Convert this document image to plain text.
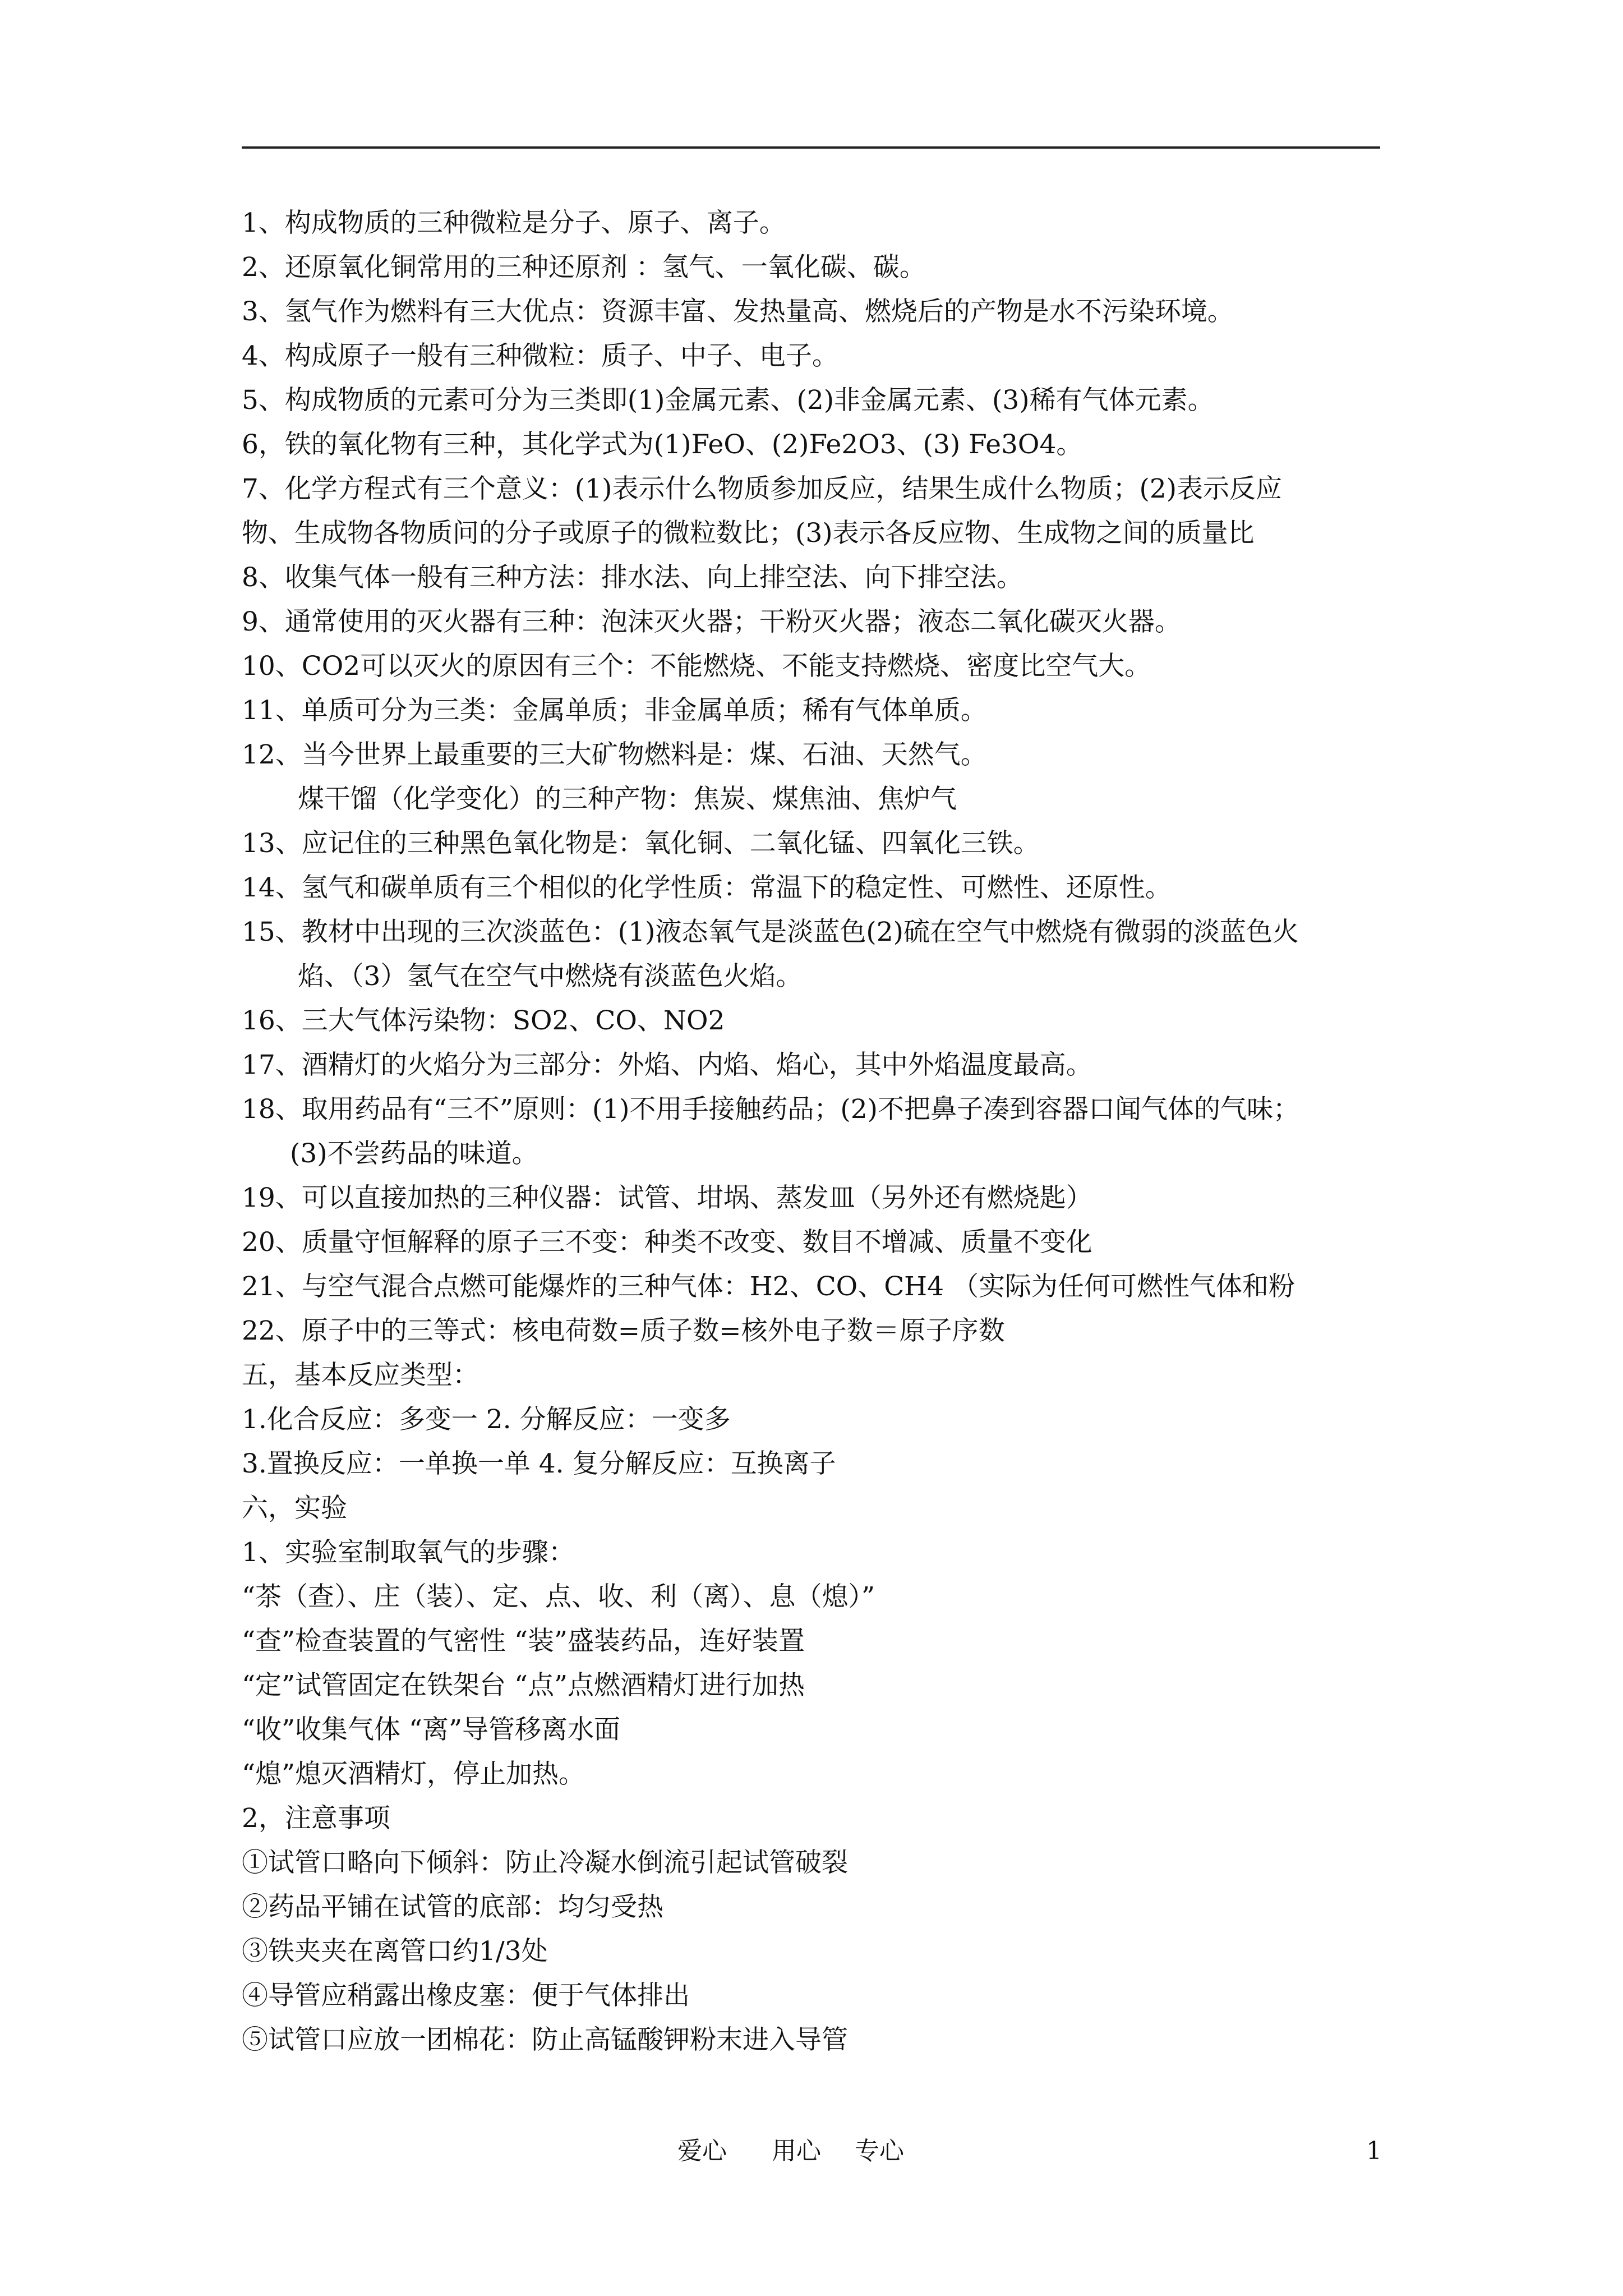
1、构成物质的三种微粒是分子、原子、离子。
2、还原氧化铜常用的三种还原剂 ：氢气、一氧化碳、碳。
3、氢气作为燃料有三大优点：资源丰富、发热量高、燃烧后的产物是水不污染环境。
4、构成原子一般有三种微粒：质子、中子、电子。
5、构成物质的元素可分为三类即(1)金属元素、(2)非金属元素、(3)稀有气体元素。
6，铁的氧化物有三种，其化学式为(1)FeO、(2)Fe2O3、(3) Fe3O4。
7、化学方程式有三个意义：(1)表示什么物质参加反应，结果生成什么物质；(2)表示反应
物、生成物各物质问的分子或原子的微粒数比；(3)表示各反应物、生成物之间的质量比
8、收集气体一般有三种方法：排水法、向上排空法、向下排空法。
9、通常使用的灭火器有三种：泡沫灭火器；干粉灭火器；液态二氧化碳灭火器。
10、CO2可以灭火的原因有三个：不能燃烧、不能支持燃烧、密度比空气大。
11、单质可分为三类：金属单质；非金属单质；稀有气体单质。
12、当今世界上最重要的三大矿物燃料是：煤、石油、天然气。
煤干馏（化学变化）的三种产物：焦炭、煤焦油、焦炉气
13、应记住的三种黑色氧化物是：氧化铜、二氧化锰、四氧化三铁。
14、氢气和碳单质有三个相似的化学性质：常温下的稳定性、可燃性、还原性。
15、教材中出现的三次淡蓝色：(1)液态氧气是淡蓝色(2)硫在空气中燃烧有微弱的淡蓝色火
焰、（3）氢气在空气中燃烧有淡蓝色火焰。
16、三大气体污染物：SO2、CO、NO2
17、酒精灯的火焰分为三部分：外焰、内焰、焰心，其中外焰温度最高。
18、取用药品有“三不”原则：(1)不用手接触药品；(2)不把鼻子凑到容器口闻气体的气味；
(3)不尝药品的味道。
19、可以直接加热的三种仪器：试管、坩埚、蒸发皿（另外还有燃烧匙）
20、质量守恒解释的原子三不变：种类不改变、数目不增减、质量不变化
21、与空气混合点燃可能爆炸的三种气体：H2、CO、CH4 （实际为任何可燃性气体和粉
22、原子中的三等式：核电荷数=质子数=核外电子数＝原子序数
五，基本反应类型：
1.化合反应：多变一 2. 分解反应：一变多
3.置换反应：一单换一单 4. 复分解反应：互换离子
六，实验
1、实验室制取氧气的步骤：
“茶（查）、庄（装）、定、点、收、利（离）、息（熄）”
“查”检查装置的气密性 “装”盛装药品，连好装置
“定”试管固定在铁架台 “点”点燃酒精灯进行加热
“收”收集气体 “离”导管移离水面
“熄”熄灭酒精灯，停止加热。
2，注意事项
①试管口略向下倾斜：防止冷凝水倒流引起试管破裂
②药品平铺在试管的底部：均匀受热
③铁夹夹在离管口约1/3处
④导管应稍露出橡皮塞：便于气体排出
⑤试管口应放一团棉花：防止高锰酸钾粉末进入导管
爱心 用心 专心	1
